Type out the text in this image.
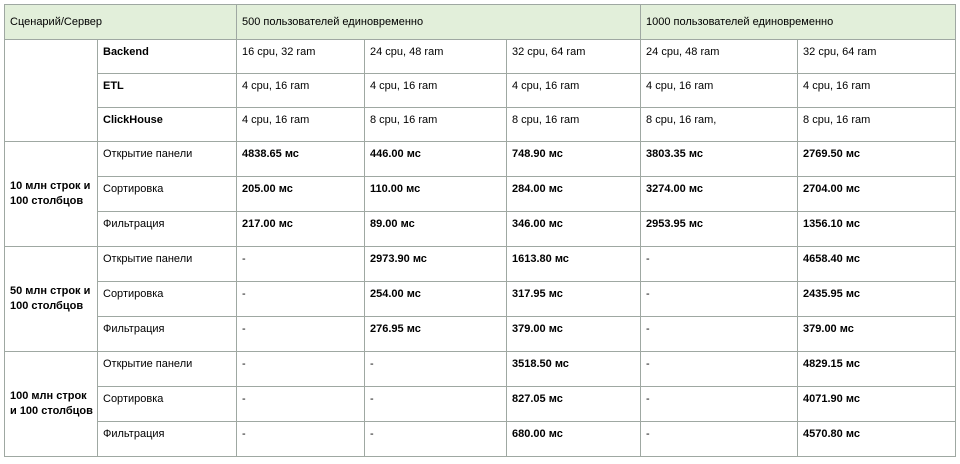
Сценарий/Сервер		500 пользователей единовременно			1000 пользователей единовременно	
	Backend	16 cpu, 32 ram	24 cpu, 48 ram	32 cpu, 64 ram	24 cpu, 48 ram	32 cpu, 64 ram
	ETL	4 cpu, 16 ram	4 cpu, 16 ram	4 cpu, 16 ram	4 cpu, 16 ram	4 cpu, 16 ram
	ClickHouse	4 cpu, 16 ram	8 cpu, 16 ram	8 cpu, 16 ram	8 cpu, 16 ram,	8 cpu, 16 ram
10 млн строк и 100 столбцов	Открытие панели	4838.65 мс	446.00 мс	748.90 мс	3803.35 мс	2769.50 мс
	Сортировка	205.00 мс	110.00 мс	284.00 мс	3274.00 мс	2704.00 мс
	Фильтрация	217.00 мс	89.00 мс	346.00 мс	2953.95 мс	1356.10 мс
50 млн строк и 100 столбцов	Открытие панели	-	2973.90 мс	1613.80 мс	-	4658.40 мс
	Сортировка	-	254.00 мс	317.95 мс	-	2435.95 мс
	Фильтрация	-	276.95 мс	379.00 мс	-	379.00 мс
100 млн строк и 100 столбцов	Открытие панели	-	-	3518.50 мс	-	4829.15 мс
	Сортировка	-	-	827.05 мс	-	4071.90 мс
	Фильтрация	-	-	680.00 мс	-	4570.80 мс
